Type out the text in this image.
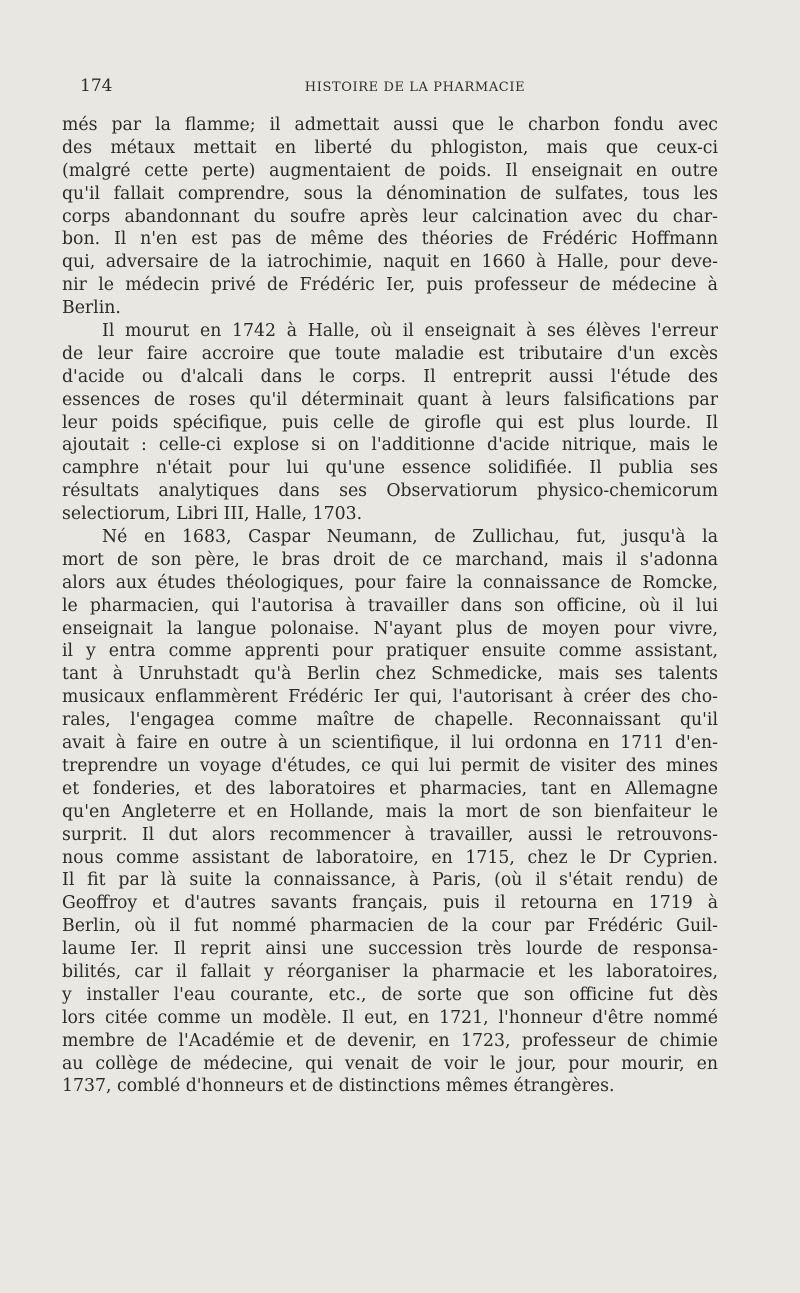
174	HISTOIRE DE LA PHARMACIE
més par la flamme; il admettait aussi que le charbon fondu avec
des métaux mettait en liberté du phlogiston, mais que ceux-ci
(malgré cette perte) augmentaient de poids. Il enseignait en outre
qu'il fallait comprendre, sous la dénomination de sulfates, tous les
corps abandonnant du soufre après leur calcination avec du char-
bon. Il n'en est pas de même des théories de Frédéric Hoffmann
qui, adversaire de la iatrochimie, naquit en 1660 à Halle, pour deve-
nir le médecin privé de Frédéric Ier, puis professeur de médecine à
Berlin.
Il mourut en 1742 à Halle, où il enseignait à ses élèves l'erreur
de leur faire accroire que toute maladie est tributaire d'un excès
d'acide ou d'alcali dans le corps. Il entreprit aussi l'étude des
essences de roses qu'il déterminait quant à leurs falsifications par
leur poids spécifique, puis celle de girofle qui est plus lourde. Il
ajoutait : celle-ci explose si on l'additionne d'acide nitrique, mais le
camphre n'était pour lui qu'une essence solidifiée. Il publia ses
résultats analytiques dans ses Observatiorum physico-chemicorum
selectiorum, Libri III, Halle, 1703.
Né en 1683, Caspar Neumann, de Zullichau, fut, jusqu'à la
mort de son père, le bras droit de ce marchand, mais il s'adonna
alors aux études théologiques, pour faire la connaissance de Romcke,
le pharmacien, qui l'autorisa à travailler dans son officine, où il lui
enseignait la langue polonaise. N'ayant plus de moyen pour vivre,
il y entra comme apprenti pour pratiquer ensuite comme assistant,
tant à Unruhstadt qu'à Berlin chez Schmedicke, mais ses talents
musicaux enflammèrent Frédéric Ier qui, l'autorisant à créer des cho-
rales, l'engagea comme maître de chapelle. Reconnaissant qu'il
avait à faire en outre à un scientifique, il lui ordonna en 1711 d'en-
treprendre un voyage d'études, ce qui lui permit de visiter des mines
et fonderies, et des laboratoires et pharmacies, tant en Allemagne
qu'en Angleterre et en Hollande, mais la mort de son bienfaiteur le
surprit. Il dut alors recommencer à travailler, aussi le retrouvons-
nous comme assistant de laboratoire, en 1715, chez le Dr Cyprien.
Il fit par là suite la connaissance, à Paris, (où il s'était rendu) de
Geoffroy et d'autres savants français, puis il retourna en 1719 à
Berlin, où il fut nommé pharmacien de la cour par Frédéric Guil-
laume Ier. Il reprit ainsi une succession très lourde de responsa-
bilités, car il fallait y réorganiser la pharmacie et les laboratoires,
y installer l'eau courante, etc., de sorte que son officine fut dès
lors citée comme un modèle. Il eut, en 1721, l'honneur d'être nommé
membre de l'Académie et de devenir, en 1723, professeur de chimie
au collège de médecine, qui venait de voir le jour, pour mourir, en
1737, comblé d'honneurs et de distinctions mêmes étrangères.
